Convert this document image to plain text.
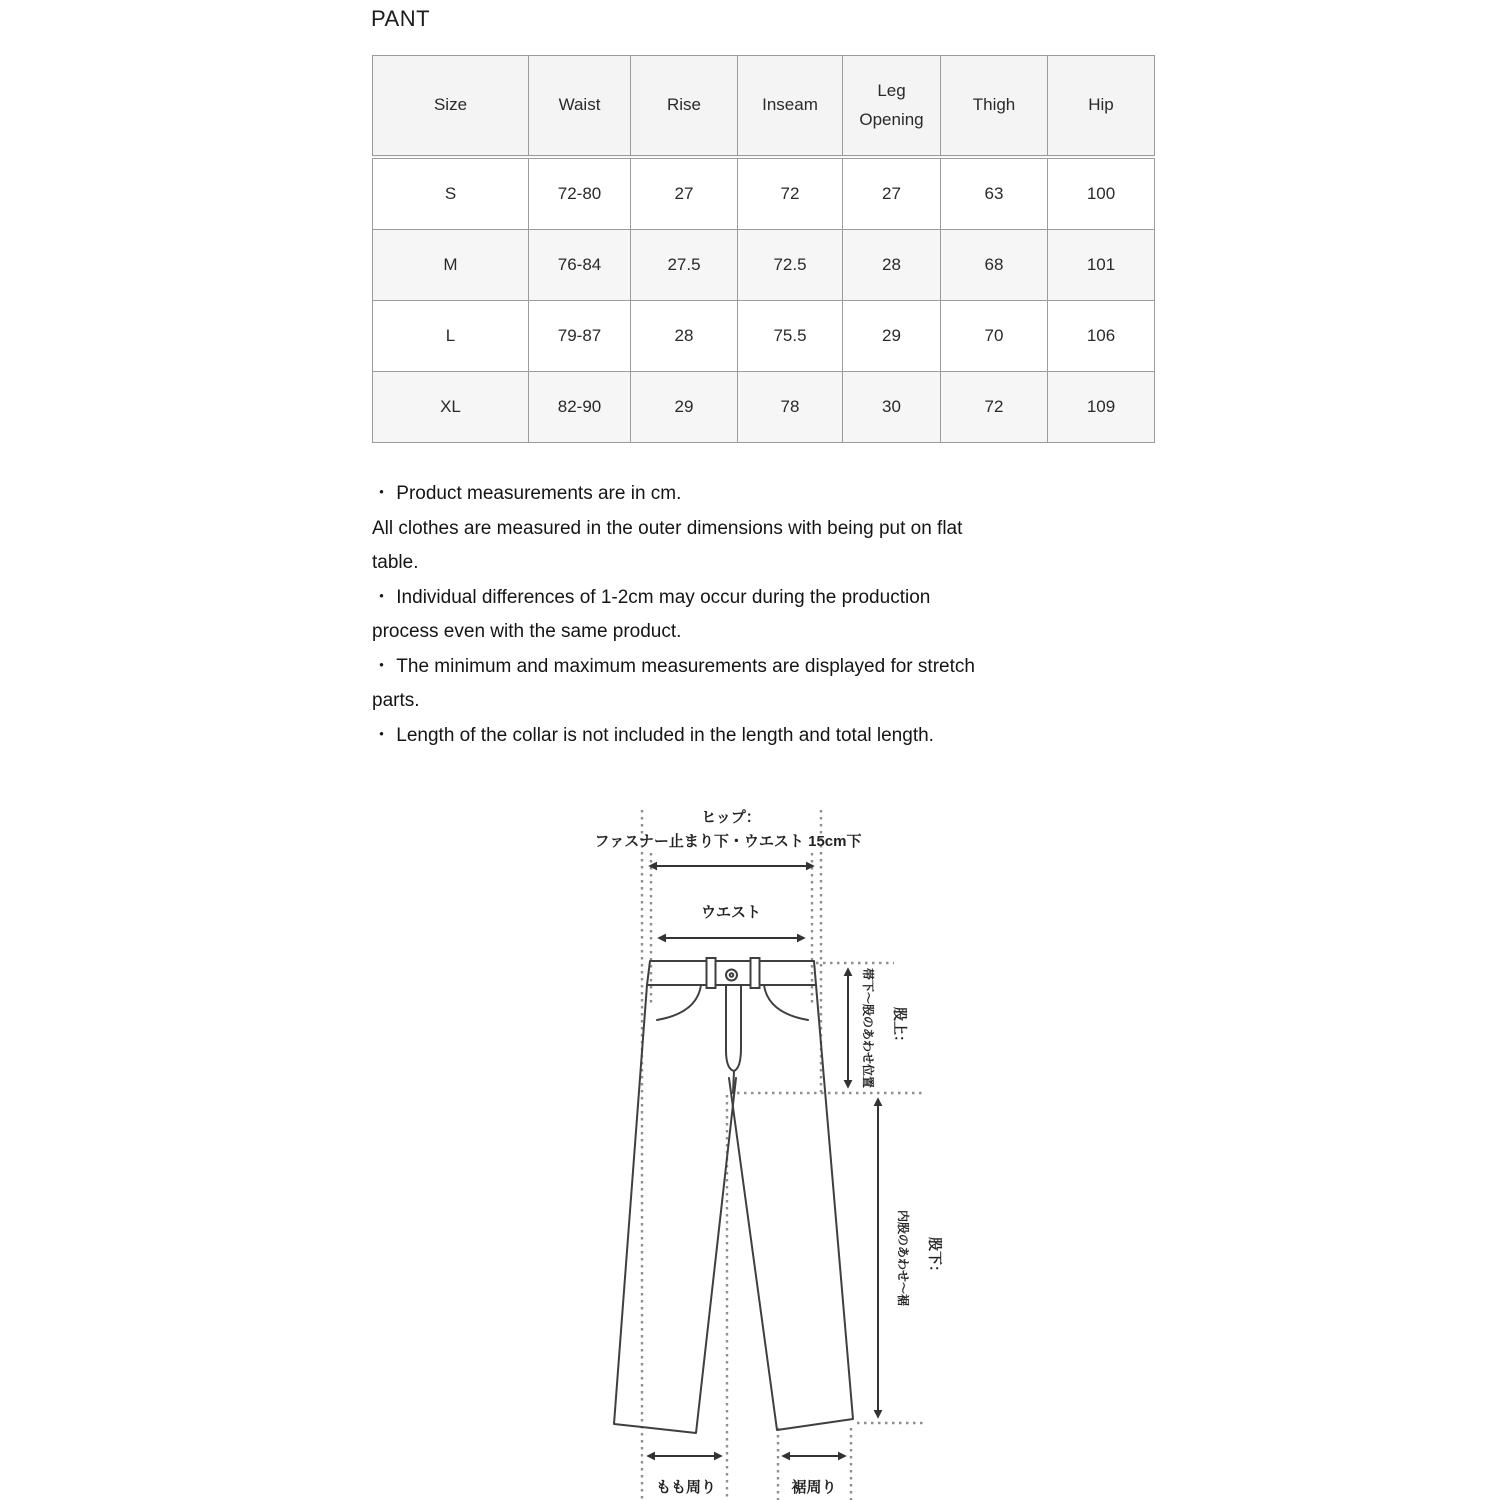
PANT
Size	Waist	Rise	Inseam	Leg Opening	Thigh	Hip
S	72-80	27	72	27	63	100
M	76-84	27.5	72.5	28	68	101
L	79-87	28	75.5	29	70	106
XL	82-90	29	78	30	72	109
・ Product measurements are in cm.
All clothes are measured in the outer dimensions with being put on flat
table.
・ Individual differences of 1-2cm may occur during the production
process even with the same product.
・ The minimum and maximum measurements are displayed for stretch
parts.
・ Length of the collar is not included in the length and total length.
ヒップ：
ファスナー止まり下・ウエスト 15cm下
ウエスト
股上：
帯下～股のあわせ位置
股下：
内股のあわせ～裾
もも周り	裾周り
